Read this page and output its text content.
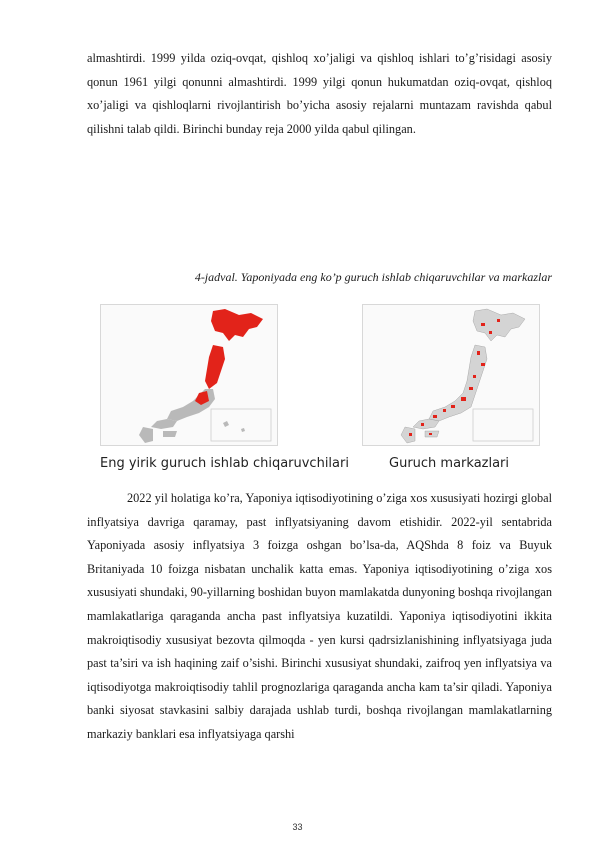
almashtirdi. 1999 yilda oziq-ovqat, qishloq xo’jaligi va qishloq ishlari to’g’risidagi asosiy qonun 1961 yilgi qonunni almashtirdi. 1999 yilgi qonun hukumatdan oziq-ovqat, qishloq xo’jaligi va qishloqlarni rivojlantirish bo’yicha asosiy rejalarni muntazam ravishda qabul qilishni talab qildi. Birinchi bunday reja 2000 yilda qabul qilingan.

4-jadval. Yaponiyada eng ko’p guruch ishlab chiqaruvchilar va markazlar

Eng yirik guruch ishlab chiqaruvchilari	Guruch markazlari

2022 yil holatiga ko’ra, Yaponiya iqtisodiyotining o’ziga xos xususiyati hozirgi global inflyatsiya davriga qaramay, past inflyatsiyaning davom etishidir. 2022-yil sentabrida Yaponiyada asosiy inflyatsiya 3 foizga oshgan bo’lsa-da, AQShda 8 foiz va Buyuk Britaniyada 10 foizga nisbatan unchalik katta emas. Yaponiya iqtisodiyotining o’ziga xos xususiyati shundaki, 90-yillarning boshidan buyon mamlakatda dunyoning boshqa rivojlangan mamlakatlariga qaraganda ancha past inflyatsiya kuzatildi. Yaponiya iqtisodiyotini ikkita makroiqtisodiy xususiyat bezovta qilmoqda - yen kursi qadrsizlanishining inflyatsiyaga juda past ta’siri va ish haqining zaif o’sishi. Birinchi xususiyat shundaki, zaifroq yen inflyatsiya va iqtisodiyotga makroiqtisodiy tahlil prognozlariga qaraganda ancha kam ta’sir qiladi. Yaponiya banki siyosat stavkasini salbiy darajada ushlab turdi, boshqa rivojlangan mamlakatlarning markaziy banklari esa inflyatsiyaga qarshi

33
